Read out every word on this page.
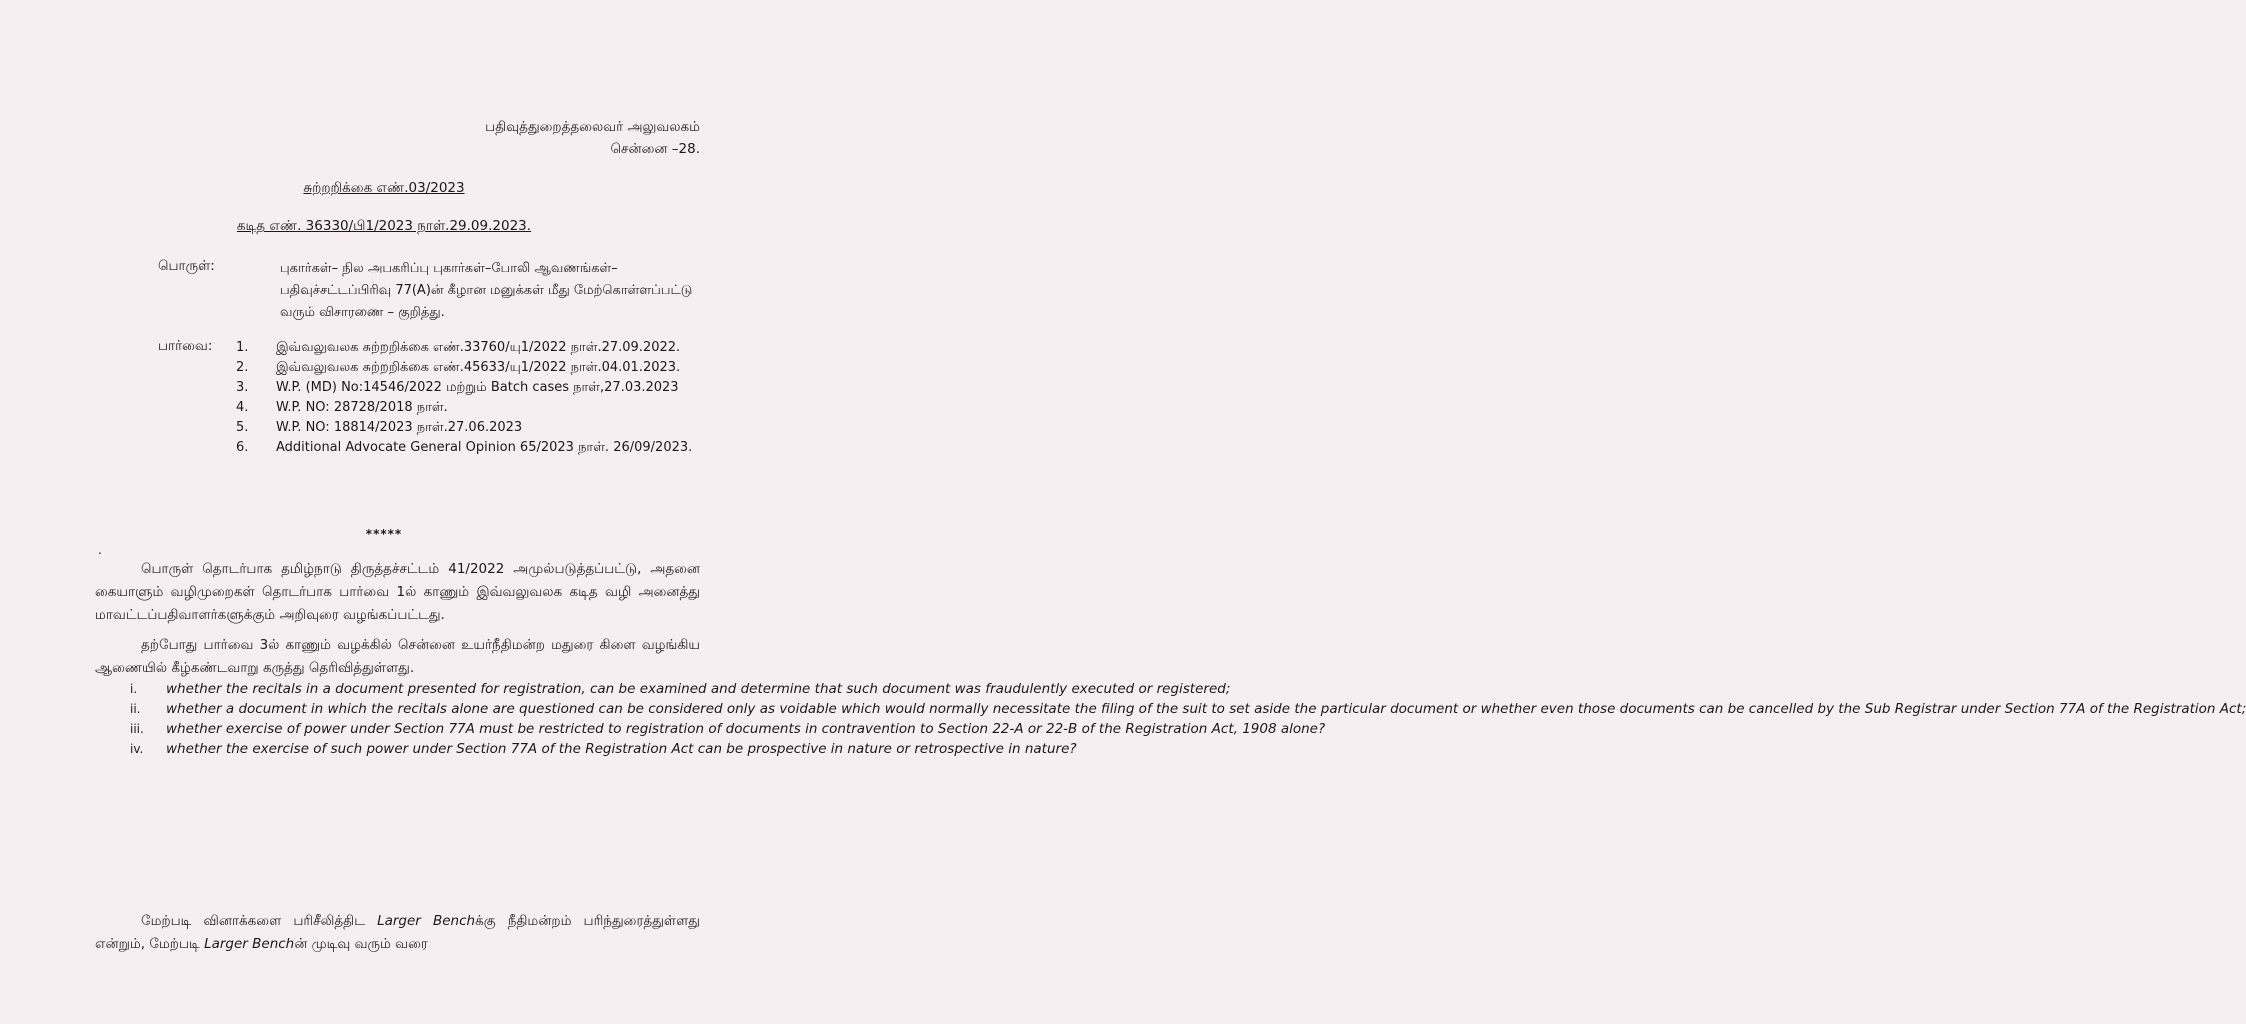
பதிவுத்துறைத்தலைவர் அலுவலகம்
சென்னை –28.
சுற்றறிக்கை எண்.03/2023
கடித எண். 36330/பி1/2023 நாள்.29.09.2023.
பொருள்:	புகார்கள்– நில அபகரிப்பு புகார்கள்–போலி ஆவணங்கள்– பதிவுச்சட்டப்பிரிவு 77(A)ன் கீழான மனுக்கள் மீது மேற்கொள்ளப்பட்டு வரும் விசாரணை – குறித்து.
பார்வை:	1.	இவ்வலுவலக சுற்றறிக்கை எண்.33760/யு1/2022 நாள்.27.09.2022.
2.	இவ்வலுவலக சுற்றறிக்கை எண்.45633/யு1/2022 நாள்.04.01.2023.
3.	W.P. (MD) No:14546/2022 மற்றும் Batch cases நாள்,27.03.2023
4.	W.P. NO: 28728/2018 நாள்.
5.	W.P. NO: 18814/2023 நாள்.27.06.2023
6.	Additional Advocate General Opinion 65/2023 நாள். 26/09/2023.
*****
.

பொருள் தொடர்பாக தமிழ்நாடு திருத்தச்சட்டம் 41/2022 அமுல்படுத்தப்பட்டு, அதனை கையாளும் வழிமுறைகள் தொடர்பாக பார்வை 1ல் காணும் இவ்வலுவலக கடித வழி அனைத்து மாவட்டப்பதிவாளர்களுக்கும் அறிவுரை வழங்கப்பட்டது.

தற்போது பார்வை 3ல் காணும் வழக்கில் சென்னை உயர்நீதிமன்ற மதுரை கிளை வழங்கிய ஆணையில் கீழ்கண்டவாறு கருத்து தெரிவித்துள்ளது.

i.	whether the recitals in a document presented for registration, can be examined and determine that such document was fraudulently executed or registered;
ii.	whether a document in which the recitals alone are questioned can be considered only as voidable which would normally necessitate the filing of the suit to set aside the particular document or whether even those documents can be cancelled by the Sub Registrar under Section 77A of the Registration Act;
iii.	whether exercise of power under Section 77A must be restricted to registration of documents in contravention to Section 22-A or 22-B of the Registration Act, 1908 alone?
iv.	whether the exercise of such power under Section 77A of the Registration Act can be prospective in nature or retrospective in nature?

மேற்படி வினாக்களை பரிசீலித்திட Larger Benchக்கு நீதிமன்றம் பரிந்துரைத்துள்ளது என்றும், மேற்படி Larger Benchன் முடிவு வரும் வரை
